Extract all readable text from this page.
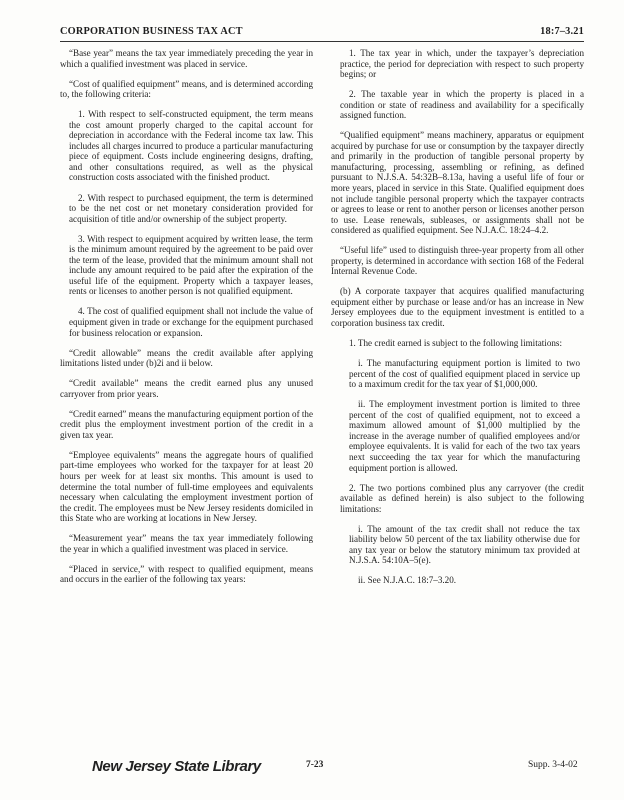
CORPORATION BUSINESS TAX ACT	18:7–3.21

“Base year” means the tax year immediately preceding the year in which a qualified investment was placed in service.

“Cost of qualified equipment” means, and is determined according to, the following criteria:

1. With respect to self-constructed equipment, the term means the cost amount properly charged to the capital account for depreciation in accordance with the Federal income tax law. This includes all charges incurred to produce a particular manufacturing piece of equipment. Costs include engineering designs, drafting, and other consultations required, as well as the physical construction costs associated with the finished product.

2. With respect to purchased equipment, the term is determined to be the net cost or net monetary consideration provided for acquisition of title and/or ownership of the subject property.

3. With respect to equipment acquired by written lease, the term is the minimum amount required by the agreement to be paid over the term of the lease, provided that the minimum amount shall not include any amount required to be paid after the expiration of the useful life of the equipment. Property which a taxpayer leases, rents or licenses to another person is not qualified equipment.

4. The cost of qualified equipment shall not include the value of equipment given in trade or exchange for the equipment purchased for business relocation or expansion.

“Credit allowable” means the credit available after applying limitations listed under (b)2i and ii below.

“Credit available” means the credit earned plus any unused carryover from prior years.

“Credit earned” means the manufacturing equipment portion of the credit plus the employment investment portion of the credit in a given tax year.

“Employee equivalents” means the aggregate hours of qualified part-time employees who worked for the taxpayer for at least 20 hours per week for at least six months. This amount is used to determine the total number of full-time employees and equivalents necessary when calculating the employment investment portion of the credit. The employees must be New Jersey residents domiciled in this State who are working at locations in New Jersey.

“Measurement year” means the tax year immediately following the year in which a qualified investment was placed in service.

“Placed in service,” with respect to qualified equipment, means and occurs in the earlier of the following tax years:

1. The tax year in which, under the taxpayer’s depreciation practice, the period for depreciation with respect to such property begins; or

2. The taxable year in which the property is placed in a condition or state of readiness and availability for a specifically assigned function.

“Qualified equipment” means machinery, apparatus or equipment acquired by purchase for use or consumption by the taxpayer directly and primarily in the production of tangible personal property by manufacturing, processing, assembling or refining, as defined pursuant to N.J.S.A. 54:32B–8.13a, having a useful life of four or more years, placed in service in this State. Qualified equipment does not include tangible personal property which the taxpayer contracts or agrees to lease or rent to another person or licenses another person to use. Lease renewals, subleases, or assignments shall not be considered as qualified equipment. See N.J.A.C. 18:24–4.2.

“Useful life” used to distinguish three-year property from all other property, is determined in accordance with section 168 of the Federal Internal Revenue Code.

(b) A corporate taxpayer that acquires qualified manufacturing equipment either by purchase or lease and/or has an increase in New Jersey employees due to the equipment investment is entitled to a corporation business tax credit.

1. The credit earned is subject to the following limitations:

i. The manufacturing equipment portion is limited to two percent of the cost of qualified equipment placed in service up to a maximum credit for the tax year of $1,000,000.

ii. The employment investment portion is limited to three percent of the cost of qualified equipment, not to exceed a maximum allowed amount of $1,000 multiplied by the increase in the average number of qualified employees and/or employee equivalents. It is valid for each of the two tax years next succeeding the tax year for which the manufacturing equipment portion is allowed.

2. The two portions combined plus any carryover (the credit available as defined herein) is also subject to the following limitations:

i. The amount of the tax credit shall not reduce the tax liability below 50 percent of the tax liability otherwise due for any tax year or below the statutory minimum tax provided at N.J.S.A. 54:10A–5(e).

ii. See N.J.A.C. 18:7–3.20.

New Jersey State Library	7-23	Supp. 3-4-02
